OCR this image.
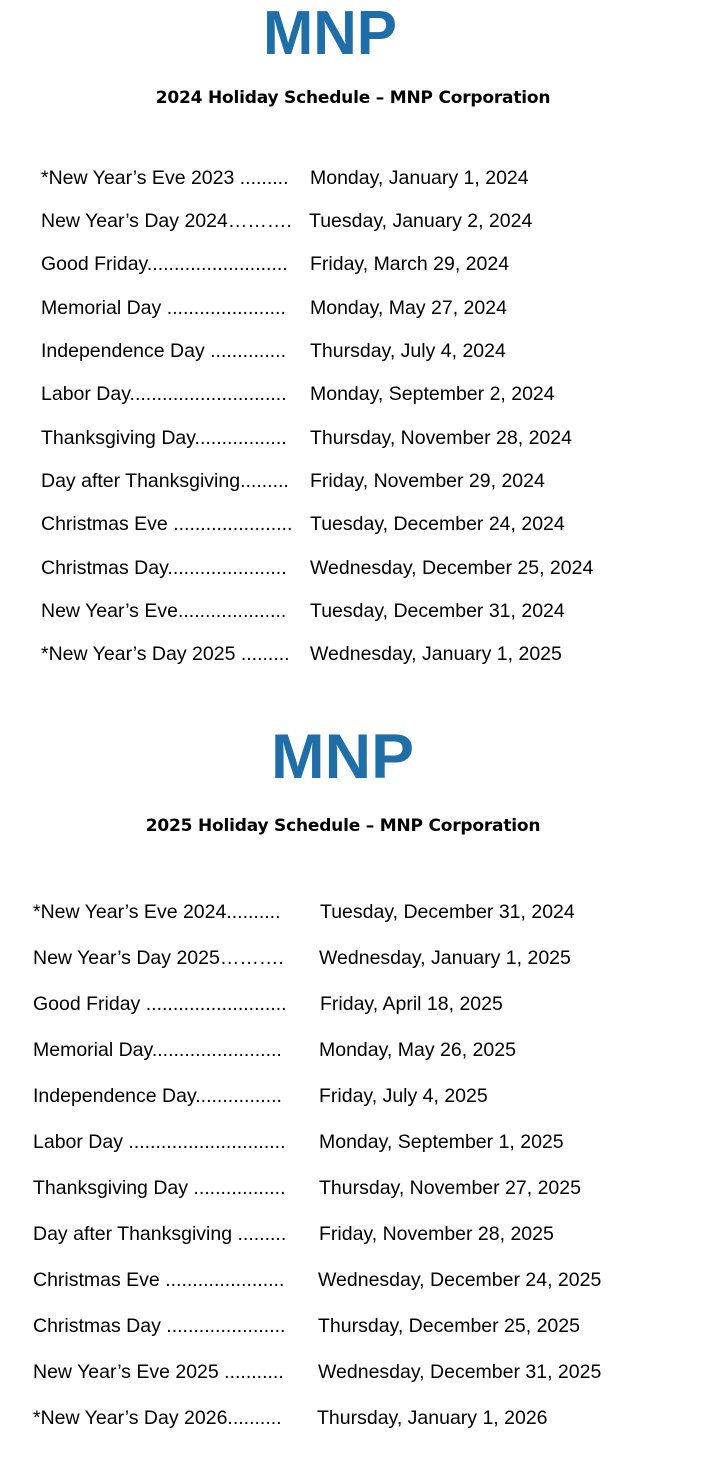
MNP
2024 Holiday Schedule – MNP Corporation
*New Year’s Eve 2023 ......... Monday, January 1, 2024
New Year’s Day 2024………. Tuesday, January 2, 2024
Good Friday.......................... Friday, March 29, 2024
Memorial Day ...................... Monday, May 27, 2024
Independence Day .............. Thursday, July 4, 2024
Labor Day............................. Monday, September 2, 2024
Thanksgiving Day................. Thursday, November 28, 2024
Day after Thanksgiving......... Friday, November 29, 2024
Christmas Eve ...................... Tuesday, December 24, 2024
Christmas Day...................... Wednesday, December 25, 2024
New Year’s Eve.................... Tuesday, December 31, 2024
*New Year’s Day 2025 ......... Wednesday, January 1, 2025
MNP
2025 Holiday Schedule – MNP Corporation
*New Year’s Eve 2024.......... Tuesday, December 31, 2024
New Year’s Day 2025………. Wednesday, January 1, 2025
Good Friday .......................... Friday, April 18, 2025
Memorial Day........................ Monday, May 26, 2025
Independence Day................ Friday, July 4, 2025
Labor Day ............................. Monday, September 1, 2025
Thanksgiving Day ................. Thursday, November 27, 2025
Day after Thanksgiving ......... Friday, November 28, 2025
Christmas Eve ...................... Wednesday, December 24, 2025
Christmas Day ...................... Thursday, December 25, 2025
New Year’s Eve 2025 ........... Wednesday, December 31, 2025
*New Year’s Day 2026.......... Thursday, January 1, 2026
